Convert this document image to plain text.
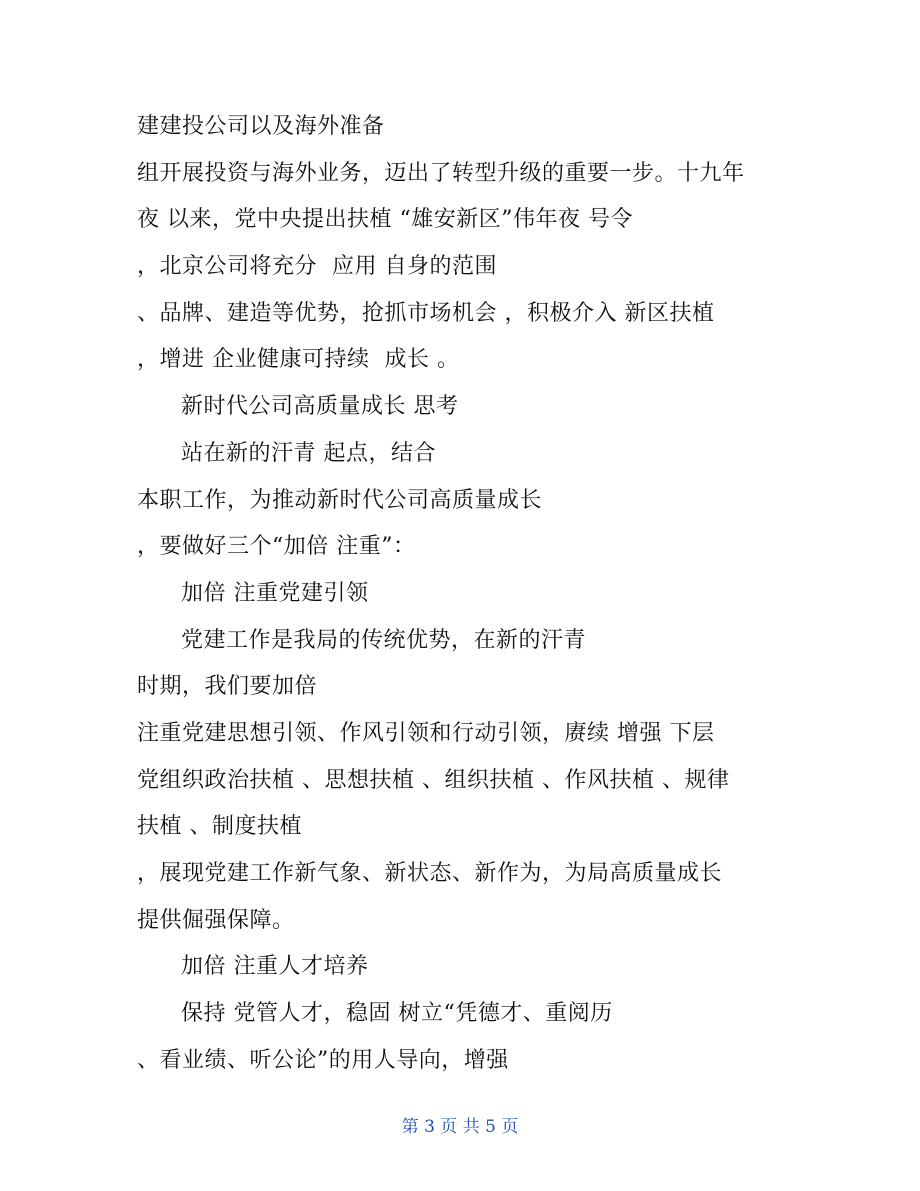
建建投公司以及海外准备
组开展投资与海外业务，迈出了转型升级的重要一步。十九年
夜 以来，党中央提出扶植 “雄安新区”伟年夜 号令
，北京公司将充分  应用 自身的范围
、品牌、建造等优势，抢抓市场机会 ，积极介入 新区扶植
，增进 企业健康可持续  成长 。
新时代公司高质量成长 思考
站在新的汗青 起点，结合
本职工作，为推动新时代公司高质量成长
，要做好三个“加倍 注重”：
加倍 注重党建引领
党建工作是我局的传统优势，在新的汗青
时期，我们要加倍
注重党建思想引领、作风引领和行动引领，赓续 增强 下层
党组织政治扶植 、思想扶植 、组织扶植 、作风扶植 、规律
扶植 、制度扶植
，展现党建工作新气象、新状态、新作为，为局高质量成长
提供倔强保障。
加倍 注重人才培养
保持 党管人才，稳固 树立“凭德才、重阅历
、看业绩、听公论”的用人导向，增强
第 3 页 共 5 页
